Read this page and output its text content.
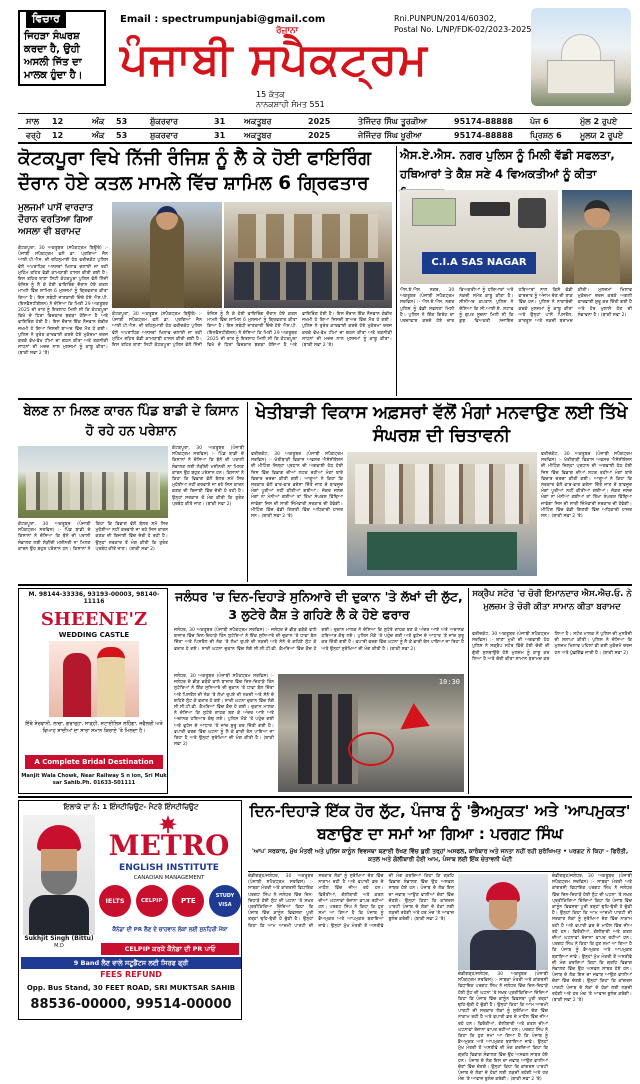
ਵਿਚਾਰ
ਜਿਹੜਾ ਸੰਘਰਸ਼ ਕਰਦਾ ਹੈ, ਉਹੀ ਅਸਲੀ ਜਿੱਤ ਦਾ ਮਾਲਕ ਹੁੰਦਾ ਹੈ।
Email : spectrumpunjabi@gmail.com
ਰੋਜ਼ਾਨਾ
Rni.PUNPUN/2014/60302,
Postal No. L/NP/FDK-02/2023-2025
ਪੰਜਾਬੀ ਸਪੈਕਟ੍ਰਮ
15 ਕੱਤਕ
ਨਾਨਕਸ਼ਾਹੀ ਸੰਮਤ 551
ਸਾਲ 12	ਅੰਕ 53	ਸ਼ੁੱਕਰਵਾਰ	31 ਅਕਤੂਬਰ	2025	ਤੇਜਿੰਦਰ ਸਿੰਘ ਤੂਰਕੀਆ	95174-88888 ਪੇਜ 6	ਮੁੱਲ 2 ਰੁਪਏ
ਵਰ੍ਹੇ 12	ਅੰਕ 53	ਸ਼ੁਕਰਵਾਰ	31 ਅਕਤੂਬਰ	2025	ਜੇਜਿੰਦਰ ਸਿੰਘ ਖੂਰੀਆ	95174-88888 ਪ੍ਰਿਸ਼ਠ 6 ਮੂਲਯ 2 ਰੂਪਏ
ਕੋਟਕਪੂਰਾ ਵਿਖੇ ਨਿੱਜੀ ਰੰਜਿਸ਼ ਨੂੰ ਲੈ ਕੇ ਹੋਈ ਫਾਇਰਿੰਗ ਦੌਰਾਨ ਹੋਏ ਕਤਲ ਮਾਮਲੇ ਵਿੱਚ ਸ਼ਾਮਿਲ 6 ਗ੍ਰਿਫਤਾਰ
ਮੁਲਜਮਾਂ ਪਾਸੋਂ ਵਾਰਦਾਤ ਦੌਰਾਨ ਵਰਤਿਆ ਗਿਆ ਅਸਲਾ ਵੀ ਬਰਾਮਦ
ਕੋਟਕਪੂਰਾ, 30 ਅਕਤੂਬਰ (ਸਪੈਕਟ੍ਰਮ ਬਿਊਰੋ) :- ਪੰਜਾਬੀ ਸਪੈਕਟ੍ਰਮ ਵਲੋਂ ਡਾ. ਪ੍ਰਗਿਆ ਜੈਨ ਆਈ.ਪੀ.ਐਸ. ਦੀ ਰਹਿਨੁਮਾਈ ਹੇਠ ਫਰੀਦਕੋਟ ਪੁਲਿਸ ਵੱਲੋਂ ਅਪਰਾਧਿਕ ਅਨਸਰਾਂ ਖਿਲਾਫ ਚਲਾਈ ਜਾ ਰਹੀ ਮੁਹਿੰਮ ਤਹਿਤ ਵੱਡੀ ਕਾਮਯਾਬੀ ਹਾਸਲ ਕੀਤੀ ਗਈ ਹੈ। ਇਸ ਤਹਿਤ ਥਾਣਾ ਸਿਟੀ ਕੋਟਕਪੂਰਾ ਪੁਲਿਸ ਵੱਲੋਂ ਨਿੱਜੀ ਰੰਜਿਸ਼ ਨੂੰ ਲੈ ਕੇ ਹੋਈ ਫਾਇਰਿੰਗ ਦੌਰਾਨ ਹੋਏ ਕਤਲ ਮਾਮਲੇ ਵਿੱਚ ਸ਼ਾਮਿਲ 6 ਮੁਲਜਮਾਂ ਨੂੰ ਗ੍ਰਿਫਤਾਰ ਕੀਤਾ ਗਿਆ ਹੈ। ਇਸ ਸਬੰਧੀ ਜਾਣਕਾਰੀ ਦਿੰਦੇ ਹੋਏ ਐਸ.ਪੀ. (ਇਨਵੈਸਟੀਗੇਸ਼ਨ) ਨੇ ਦੱਸਿਆ ਕਿ ਮਿਤੀ 29 ਅਕਤੂਬਰ 2025 ਦੀ ਰਾਤ ਨੂੰ ਇਤਲਾਹ ਮਿਲੀ ਸੀ ਕਿ ਕੋਟਕਪੂਰਾ ਵਿਖੇ ਦੋ ਧਿਰਾਂ ਵਿਚਕਾਰ ਝਗੜਾ ਹੋਇਆ ਹੈ ਅਤੇ ਫਾਇਰਿੰਗ ਹੋਈ ਹੈ। ਇਸ ਦੌਰਾਨ ਇੱਕ ਨੌਜਵਾਨ ਗੰਭੀਰ ਜਖਮੀ ਹੋ ਗਿਆ ਜਿਸਦੀ ਬਾਅਦ ਵਿੱਚ ਮੌਤ ਹੋ ਗਈ। ਪੁਲਿਸ ਨੇ ਤੁਰੰਤ ਕਾਰਵਾਈ ਕਰਦੇ ਹੋਏ ਮੁਕੱਦਮਾ ਦਰਜ ਕਰਕੇ ਵੱਖ-ਵੱਖ ਟੀਮਾਂ ਦਾ ਗਠਨ ਕੀਤਾ ਅਤੇ ਤਕਨੀਕੀ ਸਾਧਨਾਂ ਦੀ ਮਦਦ ਨਾਲ ਮੁਲਜਮਾਂ ਨੂੰ ਕਾਬੂ ਕੀਤਾ। (ਬਾਕੀ ਸਫਾ 2 'ਤੇ)
ਕੋਟਕਪੂਰਾ, 30 ਅਕਤੂਬਰ (ਸਪੈਕਟ੍ਰਮ ਬਿਊਰੋ) :- ਪੰਜਾਬੀ ਸਪੈਕਟ੍ਰਮ ਵਲੋਂ ਡਾ. ਪ੍ਰਗਿਆ ਜੈਨ ਆਈ.ਪੀ.ਐਸ. ਦੀ ਰਹਿਨੁਮਾਈ ਹੇਠ ਫਰੀਦਕੋਟ ਪੁਲਿਸ ਵੱਲੋਂ ਅਪਰਾਧਿਕ ਅਨਸਰਾਂ ਖਿਲਾਫ ਚਲਾਈ ਜਾ ਰਹੀ ਮੁਹਿੰਮ ਤਹਿਤ ਵੱਡੀ ਕਾਮਯਾਬੀ ਹਾਸਲ ਕੀਤੀ ਗਈ ਹੈ। ਇਸ ਤਹਿਤ ਥਾਣਾ ਸਿਟੀ ਕੋਟਕਪੂਰਾ ਪੁਲਿਸ ਵੱਲੋਂ ਨਿੱਜੀ ਰੰਜਿਸ਼ ਨੂੰ ਲੈ ਕੇ ਹੋਈ ਫਾਇਰਿੰਗ ਦੌਰਾਨ ਹੋਏ ਕਤਲ ਮਾਮਲੇ ਵਿੱਚ ਸ਼ਾਮਿਲ 6 ਮੁਲਜਮਾਂ ਨੂੰ ਗ੍ਰਿਫਤਾਰ ਕੀਤਾ ਗਿਆ ਹੈ। ਇਸ ਸਬੰਧੀ ਜਾਣਕਾਰੀ ਦਿੰਦੇ ਹੋਏ ਐਸ.ਪੀ. (ਇਨਵੈਸਟੀਗੇਸ਼ਨ) ਨੇ ਦੱਸਿਆ ਕਿ ਮਿਤੀ 29 ਅਕਤੂਬਰ 2025 ਦੀ ਰਾਤ ਨੂੰ ਇਤਲਾਹ ਮਿਲੀ ਸੀ ਕਿ ਕੋਟਕਪੂਰਾ ਵਿਖੇ ਦੋ ਧਿਰਾਂ ਵਿਚਕਾਰ ਝਗੜਾ ਹੋਇਆ ਹੈ ਅਤੇ ਫਾਇਰਿੰਗ ਹੋਈ ਹੈ। ਇਸ ਦੌਰਾਨ ਇੱਕ ਨੌਜਵਾਨ ਗੰਭੀਰ ਜਖਮੀ ਹੋ ਗਿਆ ਜਿਸਦੀ ਬਾਅਦ ਵਿੱਚ ਮੌਤ ਹੋ ਗਈ। ਪੁਲਿਸ ਨੇ ਤੁਰੰਤ ਕਾਰਵਾਈ ਕਰਦੇ ਹੋਏ ਮੁਕੱਦਮਾ ਦਰਜ ਕਰਕੇ ਵੱਖ-ਵੱਖ ਟੀਮਾਂ ਦਾ ਗਠਨ ਕੀਤਾ ਅਤੇ ਤਕਨੀਕੀ ਸਾਧਨਾਂ ਦੀ ਮਦਦ ਨਾਲ ਮੁਲਜਮਾਂ ਨੂੰ ਕਾਬੂ ਕੀਤਾ। (ਬਾਕੀ ਸਫਾ 2 'ਤੇ)
ਐਸ.ਏ.ਐਸ. ਨਗਰ ਪੁਲਿਸ ਨੂੰ ਮਿਲੀ ਵੱਡੀ ਸਫਲਤਾ, ਹਥਿਆਰਾਂ ਤੇ ਕੈਸ਼ ਸਣੇ 4 ਵਿਅਕਤੀਆਂ ਨੂੰ ਕੀਤਾ
C.I.A SAS NAGAR
ਐਸ.ਏ.ਐਸ. ਨਗਰ, 30 ਅਕਤੂਬਰ (ਪੰਜਾਬੀ ਸਪੈਕਟ੍ਰਮ ਸਰਵਿਸ) :- ਐਸ.ਏ.ਐਸ. ਨਗਰ ਪੁਲਿਸ ਨੂੰ ਵੱਡੀ ਸਫਲਤਾ ਮਿਲੀ ਹੈ। ਪੁਲਿਸ ਨੇ ਇੱਕ ਗਿਰੋਹ ਦਾ ਪਰਦਾਫਾਸ਼ ਕਰਦੇ ਹੋਏ ਚਾਰ ਵਿਅਕਤੀਆਂ ਨੂੰ ਹਥਿਆਰਾਂ ਅਤੇ ਨਕਦੀ ਸਮੇਤ ਕਾਬੂ ਕੀਤਾ ਹੈ। ਸੀਨੀਅਰ ਕਪਤਾਨ ਪੁਲਿਸ ਨੇ ਦੱਸਿਆ ਕਿ ਸੀ.ਆਈ.ਏ. ਸਟਾਫ ਨੂੰ ਗੁਪਤ ਸੂਚਨਾ ਮਿਲੀ ਸੀ ਕਿ ਕੁਝ ਵਿਅਕਤੀ ਨਜਾਇਜ਼ ਹਥਿਆਰਾਂ ਨਾਲ ਕਿਸੇ ਵੱਡੀ ਵਾਰਦਾਤ ਨੂੰ ਅੰਜਾਮ ਦੇਣ ਦੀ ਤਾਕ ਵਿੱਚ ਹਨ। ਪੁਲਿਸ ਨੇ ਨਾਕਾਬੰਦੀ ਕਰਕੇ ਮੁਲਜਮਾਂ ਨੂੰ ਕਾਬੂ ਕੀਤਾ ਅਤੇ ਉਨ੍ਹਾਂ ਪਾਸੋਂ ਪਿਸਤੌਲ, ਕਾਰਤੂਸ ਅਤੇ ਨਕਦੀ ਬਰਾਮਦ ਕੀਤੀ। ਮੁਲਜਮਾਂ ਖਿਲਾਫ ਮੁਕੱਦਮਾ ਦਰਜ ਕਰਕੇ ਅਗਲੀ ਕਾਰਵਾਈ ਸ਼ੁਰੂ ਕਰ ਦਿੱਤੀ ਗਈ ਹੈ ਅਤੇ ਹੋਰ ਖੁਲਾਸੇ ਹੋਣ ਦੀ ਸੰਭਾਵਨਾ ਹੈ। (ਬਾਕੀ ਸਫਾ 2)
ਬੇਲਣ ਨਾ ਮਿਲਣ ਕਾਰਨ ਪਿੰਡ ਬਾਡੀ ਦੇ ਕਿਸਾਨ ਹੋ ਰਹੇ ਹਨ ਪਰੇਸ਼ਾਨ
ਕੋਟਕਪੂਰਾ, 30 ਅਕਤੂਬਰ (ਪੰਜਾਬੀ ਸਪੈਕਟ੍ਰਮ ਸਰਵਿਸ) :- ਪਿੰਡ ਬਾਡੀ ਦੇ ਕਿਸਾਨਾਂ ਨੇ ਦੱਸਿਆ ਕਿ ਝੋਨੇ ਦੀ ਪਰਾਲੀ ਸੰਭਾਲਣ ਲਈ ਲੋੜੀਂਦੀ ਮਸ਼ੀਨਰੀ ਨਾ ਮਿਲਣ ਕਾਰਨ ਉਹ ਬਹੁਤ ਪਰੇਸ਼ਾਨ ਹਨ। ਕਿਸਾਨਾਂ ਨੇ ਕਿਹਾ ਕਿ ਵਿਭਾਗ ਵੱਲੋਂ ਬੇਲਰ ਸਮੇਂ ਸਿਰ ਮੁਹੱਈਆ ਨਹੀਂ ਕਰਵਾਏ ਜਾ ਰਹੇ ਜਿਸ ਕਾਰਨ ਕਣਕ ਦੀ ਬਿਜਾਈ ਵਿੱਚ ਦੇਰੀ ਹੋ ਰਹੀ ਹੈ। ਉਨ੍ਹਾਂ ਸਰਕਾਰ ਤੋਂ ਮੰਗ ਕੀਤੀ ਕਿ ਤੁਰੰਤ ਪ੍ਰਬੰਧ ਕੀਤੇ ਜਾਣ। (ਬਾਕੀ ਸਫਾ 2)
ਕੋਟਕਪੂਰਾ, 30 ਅਕਤੂਬਰ (ਪੰਜਾਬੀ ਸਪੈਕਟ੍ਰਮ ਸਰਵਿਸ) :- ਪਿੰਡ ਬਾਡੀ ਦੇ ਕਿਸਾਨਾਂ ਨੇ ਦੱਸਿਆ ਕਿ ਝੋਨੇ ਦੀ ਪਰਾਲੀ ਸੰਭਾਲਣ ਲਈ ਲੋੜੀਂਦੀ ਮਸ਼ੀਨਰੀ ਨਾ ਮਿਲਣ ਕਾਰਨ ਉਹ ਬਹੁਤ ਪਰੇਸ਼ਾਨ ਹਨ। ਕਿਸਾਨਾਂ ਨੇ ਕਿਹਾ ਕਿ ਵਿਭਾਗ ਵੱਲੋਂ ਬੇਲਰ ਸਮੇਂ ਸਿਰ ਮੁਹੱਈਆ ਨਹੀਂ ਕਰਵਾਏ ਜਾ ਰਹੇ ਜਿਸ ਕਾਰਨ ਕਣਕ ਦੀ ਬਿਜਾਈ ਵਿੱਚ ਦੇਰੀ ਹੋ ਰਹੀ ਹੈ। ਉਨ੍ਹਾਂ ਸਰਕਾਰ ਤੋਂ ਮੰਗ ਕੀਤੀ ਕਿ ਤੁਰੰਤ ਪ੍ਰਬੰਧ ਕੀਤੇ ਜਾਣ। (ਬਾਕੀ ਸਫਾ 2)
ਖੇਤੀਬਾੜੀ ਵਿਕਾਸ ਅਫ਼ਸਰਾਂ ਵੱਲੋਂ ਮੰਗਾਂ ਮਨਵਾਉਣ ਲਈ ਤਿੱਖੇ ਸੰਘਰਸ਼ ਦੀ ਚਿਤਾਵਨੀ
ਫਰੀਦਕੋਟ, 30 ਅਕਤੂਬਰ (ਪੰਜਾਬੀ ਸਪੈਕਟ੍ਰਮ ਸਰਵਿਸ) :- ਖੇਤੀਬਾੜੀ ਵਿਕਾਸ ਅਫਸਰ ਐਸੋਸੀਏਸ਼ਨ ਦੀ ਮੀਟਿੰਗ ਜ਼ਿਲ੍ਹਾ ਪ੍ਰਧਾਨ ਦੀ ਅਗਵਾਈ ਹੇਠ ਹੋਈ ਜਿਸ ਵਿੱਚ ਵਿਭਾਗ ਦੀਆਂ ਲਟਕ ਰਹੀਆਂ ਮੰਗਾਂ ਬਾਰੇ ਵਿਚਾਰ ਚਰਚਾ ਕੀਤੀ ਗਈ। ਆਗੂਆਂ ਨੇ ਕਿਹਾ ਕਿ ਸਰਕਾਰ ਵੱਲੋਂ ਵਾਰ-ਵਾਰ ਭਰੋਸਾ ਦਿੱਤੇ ਜਾਣ ਦੇ ਬਾਵਜੂਦ ਮੰਗਾਂ ਪੂਰੀਆਂ ਨਹੀਂ ਕੀਤੀਆਂ ਗਈਆਂ। ਜੇਕਰ ਜਲਦ ਮੰਗਾਂ ਨਾ ਮੰਨੀਆਂ ਗਈਆਂ ਤਾਂ ਤਿੱਖਾ ਸੰਘਰਸ਼ ਵਿੱਢਿਆ ਜਾਵੇਗਾ ਜਿਸ ਦੀ ਸਾਰੀ ਜਿੰਮੇਵਾਰੀ ਸਰਕਾਰ ਦੀ ਹੋਵੇਗੀ। ਮੀਟਿੰਗ ਵਿੱਚ ਵੱਡੀ ਗਿਣਤੀ ਵਿੱਚ ਅਧਿਕਾਰੀ ਹਾਜ਼ਰ ਸਨ। (ਬਾਕੀ ਸਫਾ 2 'ਤੇ)
ਫਰੀਦਕੋਟ, 30 ਅਕਤੂਬਰ (ਪੰਜਾਬੀ ਸਪੈਕਟ੍ਰਮ ਸਰਵਿਸ) :- ਖੇਤੀਬਾੜੀ ਵਿਕਾਸ ਅਫਸਰ ਐਸੋਸੀਏਸ਼ਨ ਦੀ ਮੀਟਿੰਗ ਜ਼ਿਲ੍ਹਾ ਪ੍ਰਧਾਨ ਦੀ ਅਗਵਾਈ ਹੇਠ ਹੋਈ ਜਿਸ ਵਿੱਚ ਵਿਭਾਗ ਦੀਆਂ ਲਟਕ ਰਹੀਆਂ ਮੰਗਾਂ ਬਾਰੇ ਵਿਚਾਰ ਚਰਚਾ ਕੀਤੀ ਗਈ। ਆਗੂਆਂ ਨੇ ਕਿਹਾ ਕਿ ਸਰਕਾਰ ਵੱਲੋਂ ਵਾਰ-ਵਾਰ ਭਰੋਸਾ ਦਿੱਤੇ ਜਾਣ ਦੇ ਬਾਵਜੂਦ ਮੰਗਾਂ ਪੂਰੀਆਂ ਨਹੀਂ ਕੀਤੀਆਂ ਗਈਆਂ। ਜੇਕਰ ਜਲਦ ਮੰਗਾਂ ਨਾ ਮੰਨੀਆਂ ਗਈਆਂ ਤਾਂ ਤਿੱਖਾ ਸੰਘਰਸ਼ ਵਿੱਢਿਆ ਜਾਵੇਗਾ ਜਿਸ ਦੀ ਸਾਰੀ ਜਿੰਮੇਵਾਰੀ ਸਰਕਾਰ ਦੀ ਹੋਵੇਗੀ। ਮੀਟਿੰਗ ਵਿੱਚ ਵੱਡੀ ਗਿਣਤੀ ਵਿੱਚ ਅਧਿਕਾਰੀ ਹਾਜ਼ਰ ਸਨ। (ਬਾਕੀ ਸਫਾ 2 'ਤੇ)
M. 98144-33336, 93193-00003, 98140-11116
SHEENE'Z
WEDDING CASTLE
ਇੱਥੇ ਸ਼ੇਰਵਾਨੀ, ਲਾਚਾ, ਗਰਾਰ੍ਹਾ, ਸਾੜ੍ਹੀ, ਸਟਾਈਲਿਸ਼ ਲਹਿੰਗਾ, ਜਵੈਲਰੀ ਅਤੇ ਵਿਆਹ ਸ਼ਾਦੀਆਂ ਦਾ ਸਾਰਾ ਸਮਾਨ ਕਿਰਾਏ 'ਤੇ ਮਿਲਦਾ ਹੈ।
A Complete Bridal Destination
Manjit Wala Chowk, Near Railway S n ion, Sri Muk sar Sahib.Ph. 01633-501111
ਜਲੰਧਰ 'ਚ ਦਿਨ-ਦਿਹਾੜੇ ਸੁਨਿਆਰੇ ਦੀ ਦੁਕਾਨ 'ਤੇ ਲੱਖਾਂ ਦੀ ਲੁੱਟ, 3 ਲੁਟੇਰੇ ਕੈਸ਼ ਤੇ ਗਹਿਣੇ ਲੈ ਕੇ ਹੋਏ ਫਰਾਰ
ਜਲੰਧਰ, 30 ਅਕਤੂਬਰ (ਪੰਜਾਬੀ ਸਪੈਕਟ੍ਰਮ ਸਰਵਿਸ) :- ਜਲੰਧਰ ਦੇ ਭੀੜ ਭੜੱਕੇ ਵਾਲੇ ਬਾਜ਼ਾਰ ਵਿੱਚ ਦਿਨ-ਦਿਹਾੜੇ ਤਿੰਨ ਲੁਟੇਰਿਆਂ ਨੇ ਇੱਕ ਸੁਨਿਆਰੇ ਦੀ ਦੁਕਾਨ 'ਤੇ ਧਾਵਾ ਬੋਲ ਦਿੱਤਾ ਅਤੇ ਪਿਸਤੌਲ ਦੀ ਨੋਕ 'ਤੇ ਲੱਖਾਂ ਰੁਪਏ ਦੀ ਨਕਦੀ ਅਤੇ ਸੋਨੇ ਦੇ ਗਹਿਣੇ ਲੁੱਟ ਕੇ ਫਰਾਰ ਹੋ ਗਏ। ਸਾਰੀ ਘਟਨਾ ਦੁਕਾਨ ਵਿੱਚ ਲੱਗੇ ਸੀ.ਸੀ.ਟੀ.ਵੀ. ਕੈਮਰਿਆਂ ਵਿੱਚ ਕੈਦ ਹੋ ਗਈ। ਦੁਕਾਨ ਮਾਲਕ ਨੇ ਦੱਸਿਆ ਕਿ ਲੁਟੇਰੇ ਗਾਹਕ ਬਣ ਕੇ ਅੰਦਰ ਆਏ ਅਤੇ ਅਚਾਨਕ ਹਥਿਆਰ ਕੱਢ ਲਏ। ਪੁਲਿਸ ਮੌਕੇ 'ਤੇ ਪਹੁੰਚ ਗਈ ਅਤੇ ਫੁਟੇਜ ਦੇ ਆਧਾਰ 'ਤੇ ਜਾਂਚ ਸ਼ੁਰੂ ਕਰ ਦਿੱਤੀ ਗਈ ਹੈ। ਵਪਾਰੀ ਵਰਗ ਵਿੱਚ ਘਟਨਾ ਨੂੰ ਲੈ ਕੇ ਭਾਰੀ ਰੋਸ ਪਾਇਆ ਜਾ ਰਿਹਾ ਹੈ ਅਤੇ ਉਨ੍ਹਾਂ ਸੁਰੱਖਿਆ ਦੀ ਮੰਗ ਕੀਤੀ ਹੈ। (ਬਾਕੀ ਸਫਾ 2)
ਜਲੰਧਰ, 30 ਅਕਤੂਬਰ (ਪੰਜਾਬੀ ਸਪੈਕਟ੍ਰਮ ਸਰਵਿਸ) :- ਜਲੰਧਰ ਦੇ ਭੀੜ ਭੜੱਕੇ ਵਾਲੇ ਬਾਜ਼ਾਰ ਵਿੱਚ ਦਿਨ-ਦਿਹਾੜੇ ਤਿੰਨ ਲੁਟੇਰਿਆਂ ਨੇ ਇੱਕ ਸੁਨਿਆਰੇ ਦੀ ਦੁਕਾਨ 'ਤੇ ਧਾਵਾ ਬੋਲ ਦਿੱਤਾ ਅਤੇ ਪਿਸਤੌਲ ਦੀ ਨੋਕ 'ਤੇ ਲੱਖਾਂ ਰੁਪਏ ਦੀ ਨਕਦੀ ਅਤੇ ਸੋਨੇ ਦੇ ਗਹਿਣੇ ਲੁੱਟ ਕੇ ਫਰਾਰ ਹੋ ਗਏ। ਸਾਰੀ ਘਟਨਾ ਦੁਕਾਨ ਵਿੱਚ ਲੱਗੇ ਸੀ.ਸੀ.ਟੀ.ਵੀ. ਕੈਮਰਿਆਂ ਵਿੱਚ ਕੈਦ ਹੋ ਗਈ। ਦੁਕਾਨ ਮਾਲਕ ਨੇ ਦੱਸਿਆ ਕਿ ਲੁਟੇਰੇ ਗਾਹਕ ਬਣ ਕੇ ਅੰਦਰ ਆਏ ਅਤੇ ਅਚਾਨਕ ਹਥਿਆਰ ਕੱਢ ਲਏ। ਪੁਲਿਸ ਮੌਕੇ 'ਤੇ ਪਹੁੰਚ ਗਈ ਅਤੇ ਫੁਟੇਜ ਦੇ ਆਧਾਰ 'ਤੇ ਜਾਂਚ ਸ਼ੁਰੂ ਕਰ ਦਿੱਤੀ ਗਈ ਹੈ। ਵਪਾਰੀ ਵਰਗ ਵਿੱਚ ਘਟਨਾ ਨੂੰ ਲੈ ਕੇ ਭਾਰੀ ਰੋਸ ਪਾਇਆ ਜਾ ਰਿਹਾ ਹੈ ਅਤੇ ਉਨ੍ਹਾਂ ਸੁਰੱਖਿਆ ਦੀ ਮੰਗ ਕੀਤੀ ਹੈ। (ਬਾਕੀ ਸਫਾ 2)
10:30
ਸਕ੍ਰੈਪ ਸਟੋਰ 'ਚ ਚੋਰੀ ਇਮਾਨਦਾਰ ਐਸ.ਐਚ.ਓ. ਨੇ ਮੁਲਜ਼ਮ ਤੇ ਚੋਰੀ ਕੀਤਾ ਸਾਮਾਨ ਕੀਤਾ ਬਰਾਮਦ
ਫਰੀਦਕੋਟ, 30 ਅਕਤੂਬਰ (ਪੰਜਾਬੀ ਸਪੈਕਟ੍ਰਮ ਸਰਵਿਸ) :- ਥਾਣਾ ਮੁਖੀ ਦੀ ਅਗਵਾਈ ਹੇਠ ਪੁਲਿਸ ਨੇ ਸਕ੍ਰੈਪ ਸਟੋਰ ਵਿੱਚੋਂ ਹੋਈ ਚੋਰੀ ਦੀ ਗੁੱਥੀ ਸੁਲਝਾਉਂਦੇ ਹੋਏ ਮੁਲਜ਼ਮ ਨੂੰ ਕਾਬੂ ਕਰ ਲਿਆ ਹੈ ਅਤੇ ਚੋਰੀ ਕੀਤਾ ਸਾਮਾਨ ਬਰਾਮਦ ਕਰ ਲਿਆ ਹੈ। ਸਟੋਰ ਮਾਲਕ ਨੇ ਪੁਲਿਸ ਦੀ ਮੁਸਤੈਦੀ ਦੀ ਸ਼ਲਾਘਾ ਕੀਤੀ। ਪੁਲਿਸ ਨੇ ਦੱਸਿਆ ਕਿ ਮੁਲਜ਼ਮ ਖਿਲਾਫ ਪਹਿਲਾਂ ਵੀ ਕਈ ਮੁਕੱਦਮੇ ਦਰਜ ਹਨ ਅਤੇ ਪੁੱਛਗਿੱਛ ਜਾਰੀ ਹੈ। (ਬਾਕੀ ਸਫਾ 2)
ਇਲਾਕੇ ਦਾ ਨੰ: 1 ਇੰਸਟੀਚਿਊਟ- ਮੈਟਰੋ ਇੰਸਟੀਚਿਊਟ
Sukhjit Singh (Bittu)
M.D
METRO
ENGLISH INSTITUTE
CANADIAN MANAGEMENT
IELTS	CELPIP	PTE
STUDY VISA
ਕੈਨੇਡਾ ਦੀ PR ਲੈਣ ਦੇ ਚਾਹਵਾਨ ਲੋਕਾਂ ਲਈ ਸੁਨਹਿਰੀ ਮੌਕਾ
CELPIP ਕਰਕੇ ਕੈਨੇਡਾ ਦੀ PR ਪਾਓ
9 Band ਲੈਣ ਵਾਲੇ ਸਟੂਡੈਂਟਸ ਲਈ ਸਿਰਫ ਫ੍ਰੀ
FEES REFUND
Opp. Bus Stand, 30 FEET ROAD, SRI MUKTSAR SAHIB
88536-00000, 99514-00000
ਦਿਨ-ਦਿਹਾੜੇ ਇੱਕ ਹੋਰ ਲੁੱਟ, ਪੰਜਾਬ ਨੂੰ 'ਭੈਅਮੁਕਤ' ਅਤੇ 'ਆਪਮੁਕਤ' ਬਣਾਉਣ ਦਾ ਸਮਾਂ ਆ ਗਿਆ : ਪਰਗਟ ਸਿੰਘ
'ਆਪ' ਸਰਕਾਰ, ਮੁੱਖ ਮੰਤਰੀ ਅਤੇ ਪੁਲਿਸ ਕਾਨੂੰਨ ਵਿਵਸਥਾ ਬਣਾਈ ਰੱਖਣ ਵਿੱਚ ਬੁਰੀ ਤਰ੍ਹਾਂ ਅਸਫਲ, ਕਾਰੋਬਾਰ ਅਤੇ ਜਨਤਾ ਨਹੀਂ ਰਹੀ ਸੁਰੱਖਿਅਤ • ਪਰਗਟ ਨੇ ਕਿਹਾ - ਫਿਰੌਤੀ, ਕਤਲ ਅਤੇ ਗੋਲੀਬਾਰੀ ਹੋਈ ਆਮ, ਪੰਜਾਬ ਲਈ ਇੱਕ ਚੇਤਾਵਨੀ ਘੰਟੀ
ਚੰਡੀਗੜ੍ਹ/ਜਲੰਧਰ, 30 ਅਕਤੂਬਰ (ਪੰਜਾਬੀ ਸਪੈਕਟ੍ਰਮ ਸਰਵਿਸ) :- ਸਾਬਕਾ ਮੰਤਰੀ ਅਤੇ ਕਾਂਗਰਸੀ ਵਿਧਾਇਕ ਪਰਗਟ ਸਿੰਘ ਨੇ ਜਲੰਧਰ ਵਿੱਚ ਦਿਨ-ਦਿਹਾੜੇ ਹੋਈ ਲੁੱਟ ਦੀ ਘਟਨਾ 'ਤੇ ਸਖ਼ਤ ਪ੍ਰਤੀਕਿਰਿਆ ਦਿੰਦਿਆਂ ਕਿਹਾ ਕਿ ਪੰਜਾਬ ਵਿੱਚ ਕਾਨੂੰਨ ਵਿਵਸਥਾ ਪੂਰੀ ਤਰ੍ਹਾਂ ਢਹਿ-ਢੇਰੀ ਹੋ ਚੁੱਕੀ ਹੈ। ਉਨ੍ਹਾਂ ਕਿਹਾ ਕਿ ਆਮ ਆਦਮੀ ਪਾਰਟੀ ਦੀ ਸਰਕਾਰ ਲੋਕਾਂ ਨੂੰ ਸੁਰੱਖਿਆ ਦੇਣ ਵਿੱਚ ਨਾਕਾਮ ਰਹੀ ਹੈ ਅਤੇ ਵਪਾਰੀ ਡਰ ਦੇ ਮਾਹੌਲ ਵਿੱਚ ਜੀਅ ਰਹੇ ਹਨ। ਫਿਰੌਤੀਆਂ, ਗੋਲੀਬਾਰੀ ਅਤੇ ਕਤਲ ਦੀਆਂ ਘਟਨਾਵਾਂ ਰੋਜ਼ਾਨਾ ਵਾਪਰ ਰਹੀਆਂ ਹਨ। ਪਰਗਟ ਸਿੰਘ ਨੇ ਕਿਹਾ ਕਿ ਹੁਣ ਸਮਾਂ ਆ ਗਿਆ ਹੈ ਕਿ ਪੰਜਾਬ ਨੂੰ ਭੈਅਮੁਕਤ ਅਤੇ ਆਪਮੁਕਤ ਬਣਾਇਆ ਜਾਵੇ। ਉਨ੍ਹਾਂ ਮੁੱਖ ਮੰਤਰੀ ਤੋਂ ਅਸਤੀਫੇ ਦੀ ਮੰਗ ਕਰਦਿਆਂ ਕਿਹਾ ਕਿ ਗ੍ਰਹਿ ਵਿਭਾਗ ਸੰਭਾਲਣ ਵਿੱਚ ਉਹ ਅਸਫਲ ਸਾਬਤ ਹੋਏ ਹਨ। ਪੰਜਾਬ ਦੇ ਲੋਕ ਇਸ ਦਾ ਜਵਾਬ ਆਉਣ ਵਾਲੀਆਂ ਚੋਣਾਂ ਵਿੱਚ ਦੇਣਗੇ। ਉਨ੍ਹਾਂ ਕਿਹਾ ਕਿ ਕਾਂਗਰਸ ਪਾਰਟੀ ਪੰਜਾਬ ਦੇ ਲੋਕਾਂ ਦੇ ਹੱਕਾਂ ਲਈ ਲੜਦੀ ਰਹੇਗੀ ਅਤੇ ਹਰ ਮੰਚ 'ਤੇ ਆਵਾਜ਼ ਬੁਲੰਦ ਕਰੇਗੀ। (ਬਾਕੀ ਸਫਾ 2 'ਤੇ)
ਚੰਡੀਗੜ੍ਹ/ਜਲੰਧਰ, 30 ਅਕਤੂਬਰ (ਪੰਜਾਬੀ ਸਪੈਕਟ੍ਰਮ ਸਰਵਿਸ) :- ਸਾਬਕਾ ਮੰਤਰੀ ਅਤੇ ਕਾਂਗਰਸੀ ਵਿਧਾਇਕ ਪਰਗਟ ਸਿੰਘ ਨੇ ਜਲੰਧਰ ਵਿੱਚ ਦਿਨ-ਦਿਹਾੜੇ ਹੋਈ ਲੁੱਟ ਦੀ ਘਟਨਾ 'ਤੇ ਸਖ਼ਤ ਪ੍ਰਤੀਕਿਰਿਆ ਦਿੰਦਿਆਂ ਕਿਹਾ ਕਿ ਪੰਜਾਬ ਵਿੱਚ ਕਾਨੂੰਨ ਵਿਵਸਥਾ ਪੂਰੀ ਤਰ੍ਹਾਂ ਢਹਿ-ਢੇਰੀ ਹੋ ਚੁੱਕੀ ਹੈ। ਉਨ੍ਹਾਂ ਕਿਹਾ ਕਿ ਆਮ ਆਦਮੀ ਪਾਰਟੀ ਦੀ ਸਰਕਾਰ ਲੋਕਾਂ ਨੂੰ ਸੁਰੱਖਿਆ ਦੇਣ ਵਿੱਚ ਨਾਕਾਮ ਰਹੀ ਹੈ ਅਤੇ ਵਪਾਰੀ ਡਰ ਦੇ ਮਾਹੌਲ ਵਿੱਚ ਜੀਅ ਰਹੇ ਹਨ। ਫਿਰੌਤੀਆਂ, ਗੋਲੀਬਾਰੀ ਅਤੇ ਕਤਲ ਦੀਆਂ ਘਟਨਾਵਾਂ ਰੋਜ਼ਾਨਾ ਵਾਪਰ ਰਹੀਆਂ ਹਨ। ਪਰਗਟ ਸਿੰਘ ਨੇ ਕਿਹਾ ਕਿ ਹੁਣ ਸਮਾਂ ਆ ਗਿਆ ਹੈ ਕਿ ਪੰਜਾਬ ਨੂੰ ਭੈਅਮੁਕਤ ਅਤੇ ਆਪਮੁਕਤ ਬਣਾਇਆ ਜਾਵੇ। ਉਨ੍ਹਾਂ ਮੁੱਖ ਮੰਤਰੀ ਤੋਂ ਅਸਤੀਫੇ ਦੀ ਮੰਗ ਕਰਦਿਆਂ ਕਿਹਾ ਕਿ ਗ੍ਰਹਿ ਵਿਭਾਗ ਸੰਭਾਲਣ ਵਿੱਚ ਉਹ ਅਸਫਲ ਸਾਬਤ ਹੋਏ ਹਨ। ਪੰਜਾਬ ਦੇ ਲੋਕ ਇਸ ਦਾ ਜਵਾਬ ਆਉਣ ਵਾਲੀਆਂ ਚੋਣਾਂ ਵਿੱਚ ਦੇਣਗੇ। ਉਨ੍ਹਾਂ ਕਿਹਾ ਕਿ ਕਾਂਗਰਸ ਪਾਰਟੀ ਪੰਜਾਬ ਦੇ ਲੋਕਾਂ ਦੇ ਹੱਕਾਂ ਲਈ ਲੜਦੀ ਰਹੇਗੀ ਅਤੇ ਹਰ ਮੰਚ 'ਤੇ ਆਵਾਜ਼ ਬੁਲੰਦ ਕਰੇਗੀ। (ਬਾਕੀ ਸਫਾ 2 'ਤੇ)
ਚੰਡੀਗੜ੍ਹ/ਜਲੰਧਰ, 30 ਅਕਤੂਬਰ (ਪੰਜਾਬੀ ਸਪੈਕਟ੍ਰਮ ਸਰਵਿਸ) :- ਸਾਬਕਾ ਮੰਤਰੀ ਅਤੇ ਕਾਂਗਰਸੀ ਵਿਧਾਇਕ ਪਰਗਟ ਸਿੰਘ ਨੇ ਜਲੰਧਰ ਵਿੱਚ ਦਿਨ-ਦਿਹਾੜੇ ਹੋਈ ਲੁੱਟ ਦੀ ਘਟਨਾ 'ਤੇ ਸਖ਼ਤ ਪ੍ਰਤੀਕਿਰਿਆ ਦਿੰਦਿਆਂ ਕਿਹਾ ਕਿ ਪੰਜਾਬ ਵਿੱਚ ਕਾਨੂੰਨ ਵਿਵਸਥਾ ਪੂਰੀ ਤਰ੍ਹਾਂ ਢਹਿ-ਢੇਰੀ ਹੋ ਚੁੱਕੀ ਹੈ। ਉਨ੍ਹਾਂ ਕਿਹਾ ਕਿ ਆਮ ਆਦਮੀ ਪਾਰਟੀ ਦੀ ਸਰਕਾਰ ਲੋਕਾਂ ਨੂੰ ਸੁਰੱਖਿਆ ਦੇਣ ਵਿੱਚ ਨਾਕਾਮ ਰਹੀ ਹੈ ਅਤੇ ਵਪਾਰੀ ਡਰ ਦੇ ਮਾਹੌਲ ਵਿੱਚ ਜੀਅ ਰਹੇ ਹਨ। ਫਿਰੌਤੀਆਂ, ਗੋਲੀਬਾਰੀ ਅਤੇ ਕਤਲ ਦੀਆਂ ਘਟਨਾਵਾਂ ਰੋਜ਼ਾਨਾ ਵਾਪਰ ਰਹੀਆਂ ਹਨ। ਪਰਗਟ ਸਿੰਘ ਨੇ ਕਿਹਾ ਕਿ ਹੁਣ ਸਮਾਂ ਆ ਗਿਆ ਹੈ ਕਿ ਪੰਜਾਬ ਨੂੰ ਭੈਅਮੁਕਤ ਅਤੇ ਆਪਮੁਕਤ ਬਣਾਇਆ ਜਾਵੇ। ਉਨ੍ਹਾਂ ਮੁੱਖ ਮੰਤਰੀ ਤੋਂ ਅਸਤੀਫੇ ਦੀ ਮੰਗ ਕਰਦਿਆਂ ਕਿਹਾ ਕਿ ਗ੍ਰਹਿ ਵਿਭਾਗ ਸੰਭਾਲਣ ਵਿੱਚ ਉਹ ਅਸਫਲ ਸਾਬਤ ਹੋਏ ਹਨ। ਪੰਜਾਬ ਦੇ ਲੋਕ ਇਸ ਦਾ ਜਵਾਬ ਆਉਣ ਵਾਲੀਆਂ ਚੋਣਾਂ ਵਿੱਚ ਦੇਣਗੇ। ਉਨ੍ਹਾਂ ਕਿਹਾ ਕਿ ਕਾਂਗਰਸ ਪਾਰਟੀ ਪੰਜਾਬ ਦੇ ਲੋਕਾਂ ਦੇ ਹੱਕਾਂ ਲਈ ਲੜਦੀ ਰਹੇਗੀ ਅਤੇ ਹਰ ਮੰਚ 'ਤੇ ਆਵਾਜ਼ ਬੁਲੰਦ ਕਰੇਗੀ। (ਬਾਕੀ ਸਫਾ 2 'ਤੇ)
